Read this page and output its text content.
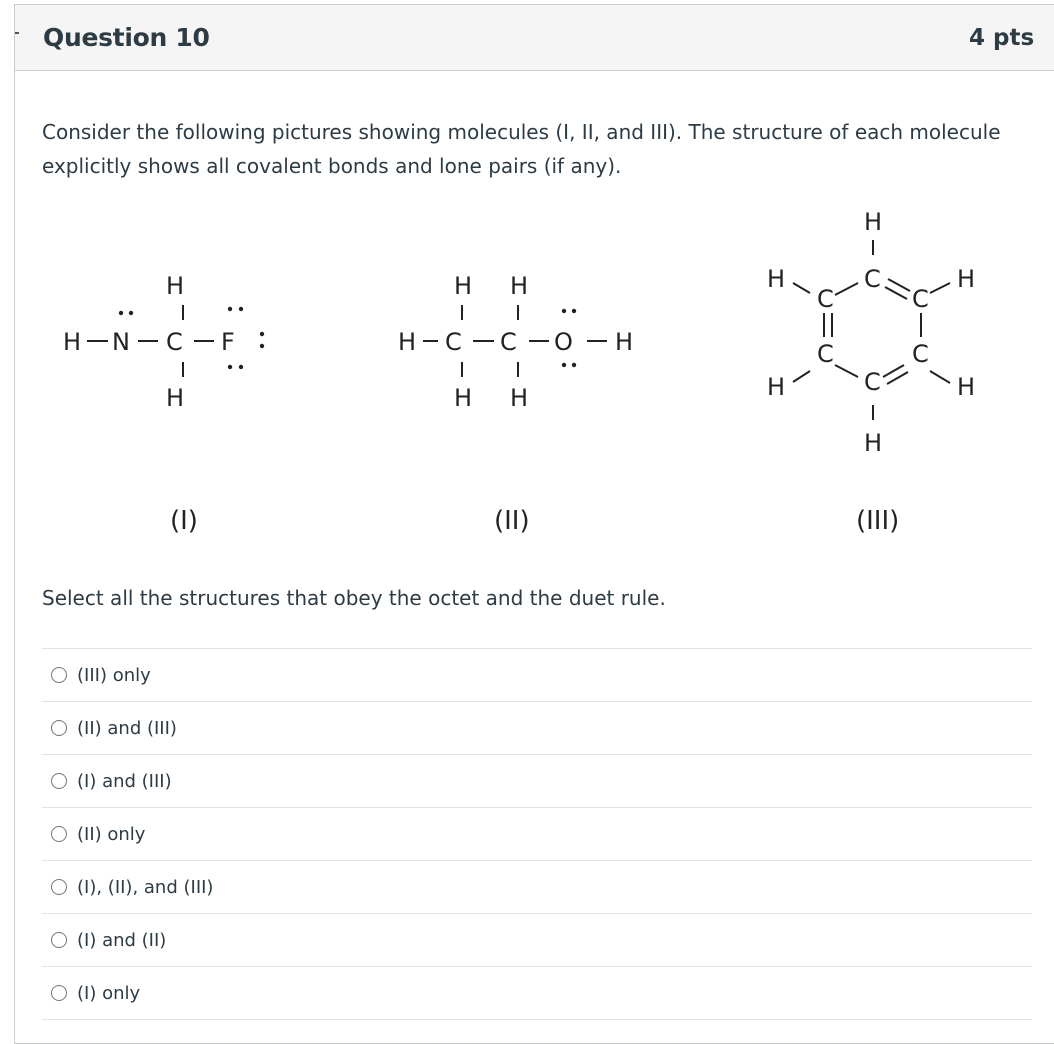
Question 10	4 pts
Consider the following pictures showing molecules (I, II, and III). The structure of each molecule explicitly shows all covalent bonds and lone pairs (if any).
H N C
H
H
F
(I)
H C
H
H
C
H
H
O H
(II)
H
C
H
C
H
C
C	C
H	C	H
H
(III)
Select all the structures that obey the octet and the duet rule.
(III) only
(II) and (III)
(I) and (III)
(II) only
(I), (II), and (III)
(I) and (II)
(I) only
